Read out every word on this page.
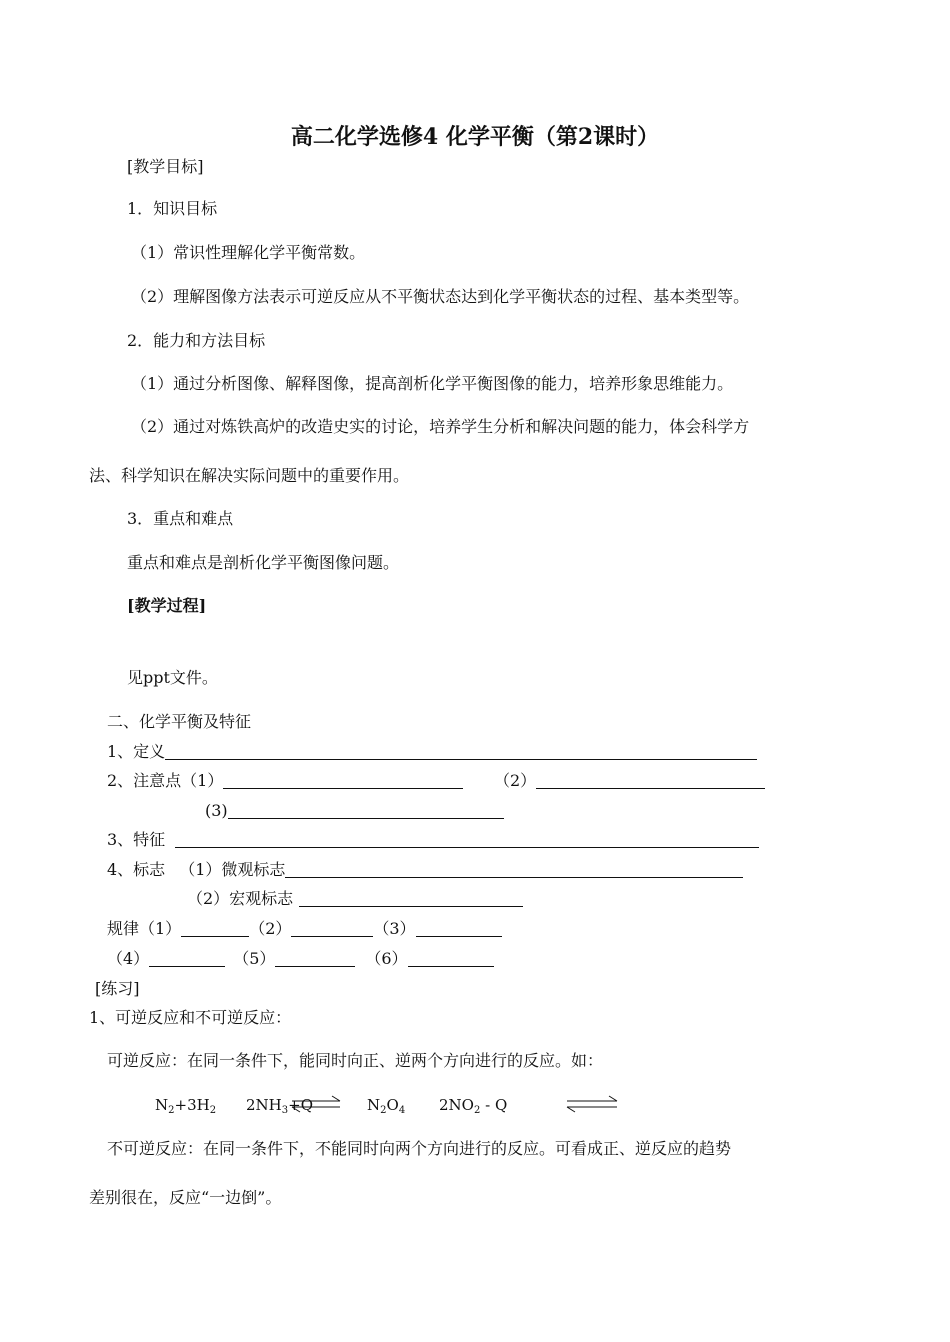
高二化学选修4 化学平衡（第2课时）
[教学目标]
1．知识目标
（1）常识性理解化学平衡常数。
（2）理解图像方法表示可逆反应从不平衡状态达到化学平衡状态的过程、基本类型等。
2．能力和方法目标
（1）通过分析图像、解释图像，提高剖析化学平衡图像的能力，培养形象思维能力。
（2）通过对炼铁高炉的改造史实的讨论，培养学生分析和解决问题的能力，体会科学方
法、科学知识在解决实际问题中的重要作用。
3．重点和难点
重点和难点是剖析化学平衡图像问题。
[教学过程]
见ppt文件。
二、化学平衡及特征
1、定义
2、注意点（1）	（2）
(3)
3、特征
4、标志 （1）微观标志
（2）宏观标志
规律（1）	（2）	（3）
（4）	（5）	（6）
[练习]
1、可逆反应和不可逆反应：
可逆反应：在同一条件下，能同时向正、逆两个方向进行的反应。如：
$N_2+3H_2$ $2NH_3+Q$	$N_2O_4$ $2NO_2$ - Q
不可逆反应：在同一条件下，不能同时向两个方向进行的反应。可看成正、逆反应的趋势
差别很在，反应“一边倒”。
